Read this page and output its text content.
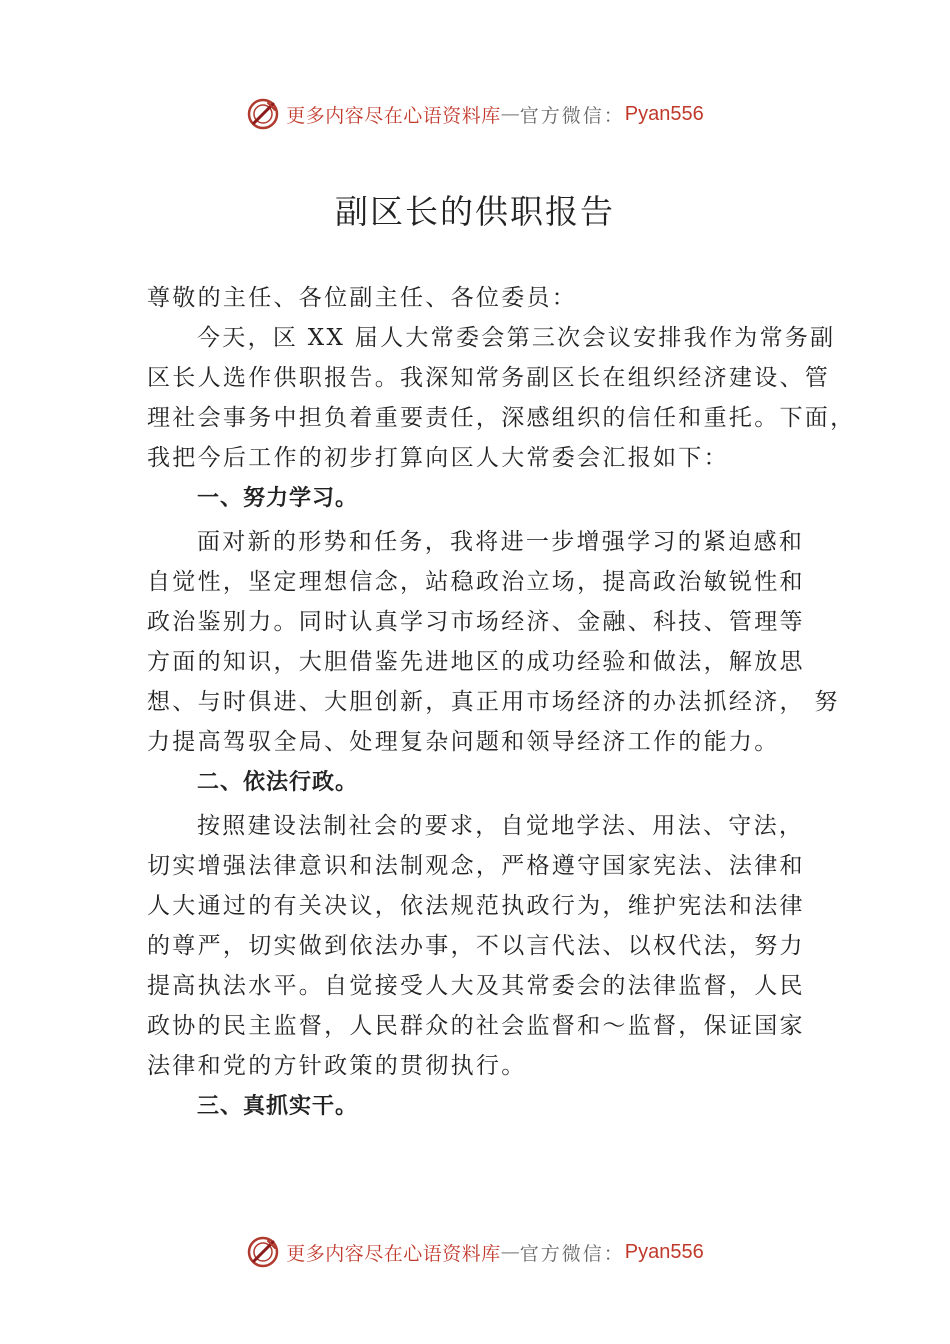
更多内容尽在心语资料库 — 官方微信： Pyan556
副区长的供职报告
尊敬的主任、各位副主任、各位委员：
今天，区 XX 届人大常委会第三次会议安排我作为常务副
区长人选作供职报告。我深知常务副区长在组织经济建设、管
理社会事务中担负着重要责任，深感组织的信任和重托。下面，
我把今后工作的初步打算向区人大常委会汇报如下：
一、努力学习。
面对新的形势和任务，我将进一步增强学习的紧迫感和
自觉性，坚定理想信念，站稳政治立场，提高政治敏锐性和
政治鉴别力。同时认真学习市场经济、金融、科技、管理等
方面的知识，大胆借鉴先进地区的成功经验和做法，解放思
想、与时俱进、大胆创新，真正用市场经济的办法抓经济， 努
力提高驾驭全局、处理复杂问题和领导经济工作的能力。
二、依法行政。
按照建设法制社会的要求，自觉地学法、用法、守法，
切实增强法律意识和法制观念，严格遵守国家宪法、法律和
人大通过的有关决议，依法规范执政行为，维护宪法和法律
的尊严，切实做到依法办事，不以言代法、以权代法，努力
提高执法水平。自觉接受人大及其常委会的法律监督，人民
政协的民主监督，人民群众的社会监督和～监督，保证国家
法律和党的方针政策的贯彻执行。
三、真抓实干。
更多内容尽在心语资料库 — 官方微信： Pyan556
